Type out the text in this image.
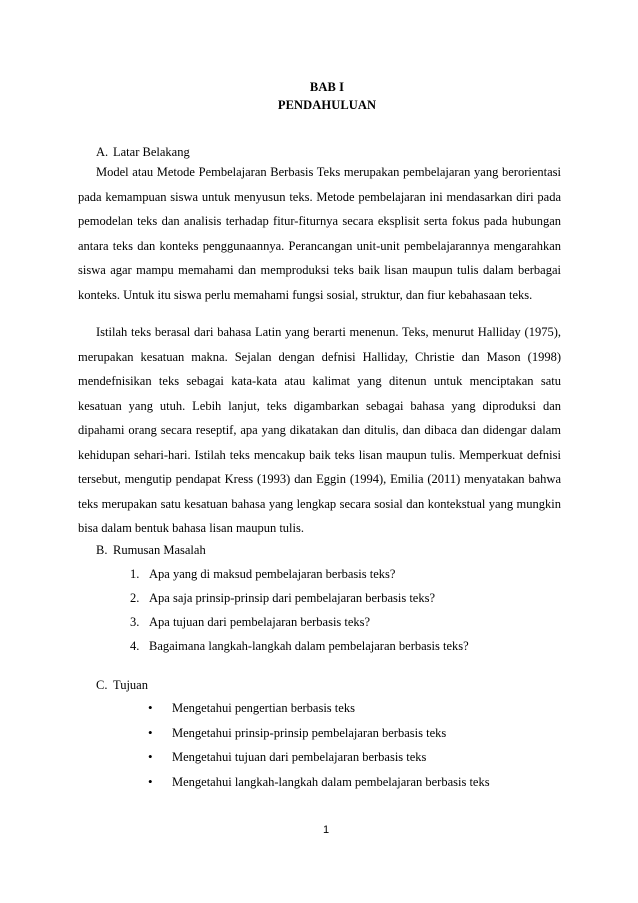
BAB I
PENDAHULUAN
A. Latar Belakang

Model atau Metode Pembelajaran Berbasis Teks merupakan pembelajaran yang berorientasi pada kemampuan siswa untuk menyusun teks. Metode pembelajaran ini mendasarkan diri pada pemodelan teks dan analisis terhadap fitur-fiturnya secara eksplisit serta fokus pada hubungan antara teks dan konteks penggunaannya. Perancangan unit-unit pembelajarannya mengarahkan siswa agar mampu memahami dan memproduksi teks baik lisan maupun tulis dalam berbagai konteks. Untuk itu siswa perlu memahami fungsi sosial, struktur, dan fiur kebahasaan teks.

Istilah teks berasal dari bahasa Latin yang berarti menenun. Teks, menurut Halliday (1975), merupakan kesatuan makna. Sejalan dengan defnisi Halliday, Christie dan Mason (1998) mendefnisikan teks sebagai kata-kata atau kalimat yang ditenun untuk menciptakan satu kesatuan yang utuh. Lebih lanjut, teks digambarkan sebagai bahasa yang diproduksi dan dipahami orang secara reseptif, apa yang dikatakan dan ditulis, dan dibaca dan didengar dalam kehidupan sehari-hari. Istilah teks mencakup baik teks lisan maupun tulis. Memperkuat defnisi tersebut, mengutip pendapat Kress (1993) dan Eggin (1994), Emilia (2011) menyatakan bahwa teks merupakan satu kesatuan bahasa yang lengkap secara sosial dan kontekstual yang mungkin bisa dalam bentuk bahasa lisan maupun tulis.

B. Rumusan Masalah
1. Apa yang di maksud pembelajaran berbasis teks?
2. Apa saja prinsip-prinsip dari pembelajaran berbasis teks?
3. Apa tujuan dari pembelajaran berbasis teks?
4. Bagaimana langkah-langkah dalam pembelajaran berbasis teks?
C. Tujuan
• Mengetahui pengertian berbasis teks
• Mengetahui prinsip-prinsip pembelajaran berbasis teks
• Mengetahui tujuan dari pembelajaran berbasis teks
• Mengetahui langkah-langkah dalam pembelajaran berbasis teks
1
